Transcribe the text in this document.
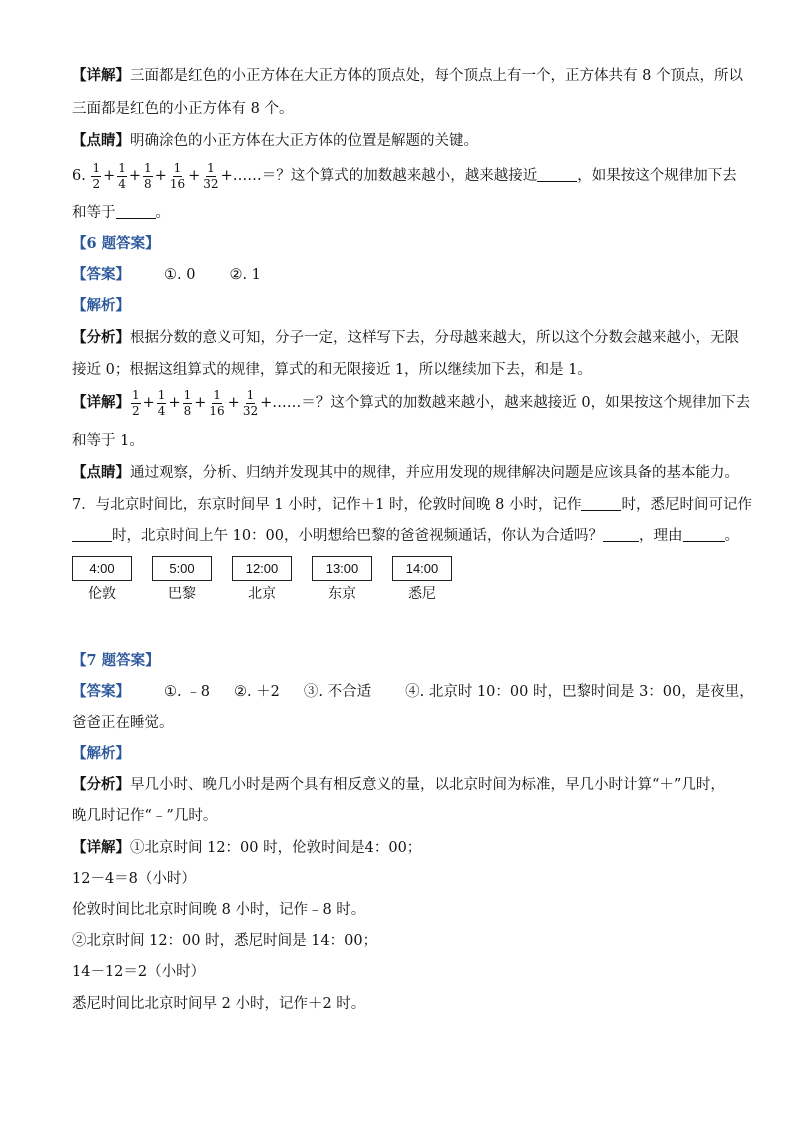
【详解】三面都是红色的小正方体在大正方体的顶点处，每个顶点上有一个，正方体共有 8 个顶点，所以
三面都是红色的小正方体有 8 个。
【点睛】明确涂色的小正方体在大正方体的位置是解题的关键。
6. $\frac{1}{2} + \frac{1}{4} + \frac{1}{8} + \frac{1}{16} + \frac{1}{32}$ +……＝？这个算式的加数越来越小，越来越接近	，如果按这个规律加下去
和等于	。
【6 题答案】
【答案】 ①. 0 ②. 1
【解析】
【分析】根据分数的意义可知，分子一定，这样写下去，分母越来越大，所以这个分数会越来越小，无限
接近 0；根据这组算式的规律，算式的和无限接近 1，所以继续加下去，和是 1。
【详解】 $\frac{1}{2} + \frac{1}{4} + \frac{1}{8} + \frac{1}{16} + \frac{1}{32}$ +……＝？这个算式的加数越来越小，越来越接近 0，如果按这个规律加下去
和等于 1。
【点睛】通过观察，分析、归纳并发现其中的规律，并应用发现的规律解决问题是应该具备的基本能力。
7．与北京时间比，东京时间早 1 小时，记作＋1 时，伦敦时间晚 8 小时，记作	时，悉尼时间可记作
时，北京时间上午 10：00，小明想给巴黎的爸爸视频通话，你认为合适吗？ ，理由	。
4:00	5:00	12:00	13:00	14:00
伦敦	巴黎	北京	东京	悉尼
【7 题答案】
【答案】 ①. ﹣8 ②. ＋2 ③. 不合适 ④. 北京时 10：00 时，巴黎时间是 3：00，是夜里，
爸爸正在睡觉。
【解析】
【分析】早几小时、晚几小时是两个具有相反意义的量，以北京时间为标准，早几小时计算“＋”几时，
晚几时记作“﹣”几时。
【详解】①北京时间 12：00 时，伦敦时间是4：00；
12－4＝8（小时）
伦敦时间比北京时间晚 8 小时，记作﹣8 时。
②北京时间 12：00 时，悉尼时间是 14：00；
14－12＝2（小时）
悉尼时间比北京时间早 2 小时，记作＋2 时。
